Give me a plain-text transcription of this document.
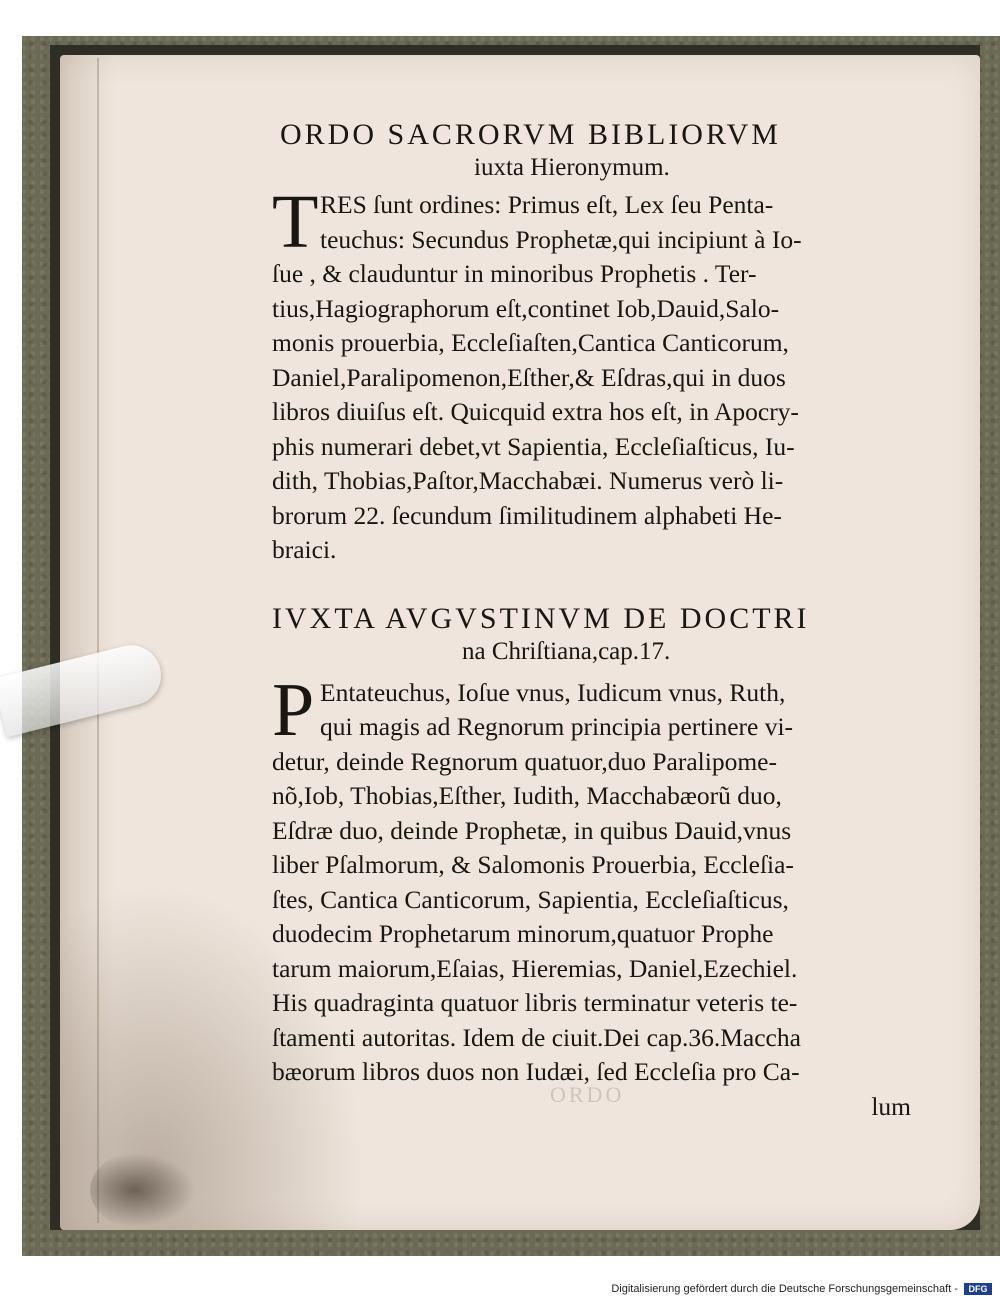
ORDO SACRORVM BIBLIORVM

iuxta Hieronymum.

T RES ſunt ordines: Primus eſt, Lex ſeu Penta-

teuchus: Secundus Prophetæ,qui incipiunt à Io-

ſue , & clauduntur in minoribus Prophetis . Ter-

tius,Hagiographorum eſt,continet Iob,Dauid,Salo-

monis prouerbia, Eccleſiaſten,Cantica Canticorum,

Daniel,Paralipomenon,Eſther,& Eſdras,qui in duos

libros diuiſus eſt. Quicquid extra hos eſt, in Apocry-

phis numerari debet,vt Sapientia, Eccleſiaſticus, Iu-

dith, Thobias,Paſtor,Macchabæi. Numerus verò li-

brorum 22. ſecundum ſimilitudinem alphabeti He-

braici.

IVXTA AVGVSTINVM DE DOCTRI

na Chriſtiana,cap.17.

P Entateuchus, Ioſue vnus, Iudicum vnus, Ruth,

qui magis ad Regnorum principia pertinere vi-

detur, deinde Regnorum quatuor,duo Paralipome-

nõ,Iob, Thobias,Eſther, Iudith, Macchabæorũ duo,

Eſdræ duo, deinde Prophetæ, in quibus Dauid,vnus

liber Pſalmorum, & Salomonis Prouerbia, Eccleſia-

ſtes, Cantica Canticorum, Sapientia, Eccleſiaſticus,

duodecim Prophetarum minorum,quatuor Prophe

tarum maiorum,Eſaias, Hieremias, Daniel,Ezechiel.

His quadraginta quatuor libris terminatur veteris te-

ſtamenti autoritas. Idem de ciuit.Dei cap.36.Maccha

bæorum libros duos non Iudæi, ſed Eccleſia pro Ca-

lum

ORDO
Digitalisierung gefördert durch die Deutsche Forschungsgemeinschaft -	DFG
